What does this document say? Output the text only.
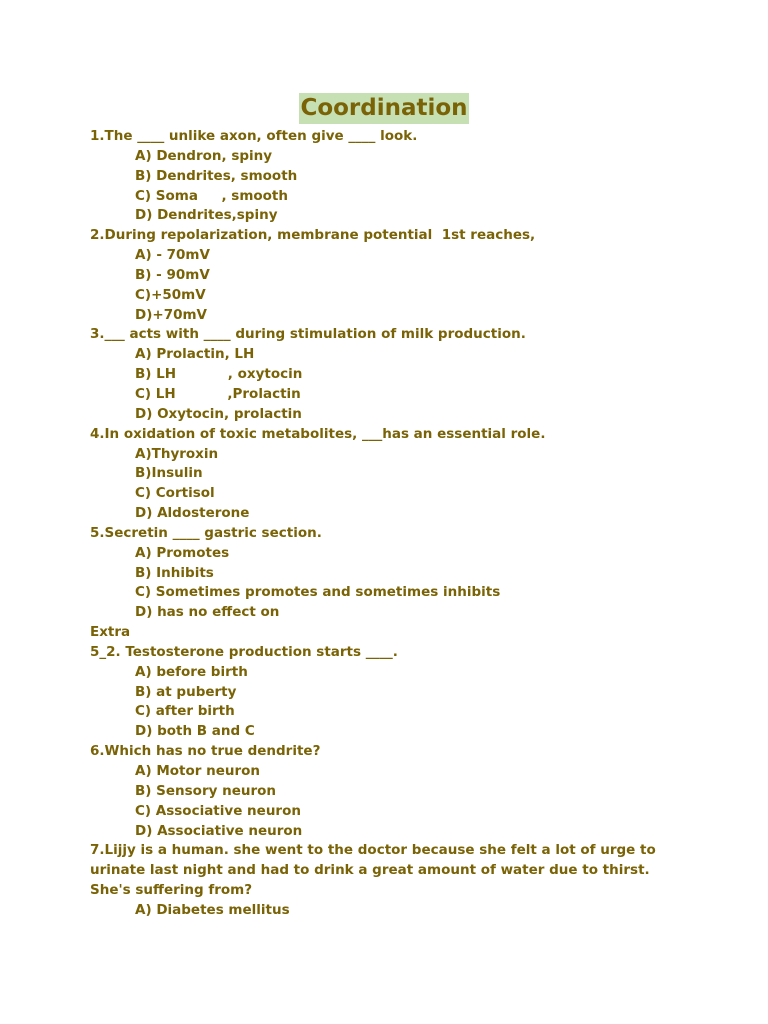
Coordination

1.The ____ unlike axon, often give ____ look.

A) Dendron, spiny

B) Dendrites, smooth

C) Soma     , smooth

D) Dendrites,spiny

2.During repolarization, membrane potential  1st reaches,

A) - 70mV

B) - 90mV

C)+50mV

D)+70mV

3.___ acts with ____ during stimulation of milk production.

A) Prolactin, LH

B) LH           , oxytocin

C) LH           ,Prolactin

D) Oxytocin, prolactin

4.In oxidation of toxic metabolites, ___has an essential role.

A)Thyroxin

B)Insulin

C) Cortisol

D) Aldosterone

5.Secretin ____ gastric section.

A) Promotes

B) Inhibits

C) Sometimes promotes and sometimes inhibits

D) has no effect on

Extra

5_2. Testosterone production starts ____.

A) before birth

B) at puberty

C) after birth

D) both B and C

6.Which has no true dendrite?

A) Motor neuron

B) Sensory neuron

C) Associative neuron

D) Associative neuron

7.Lijjy is a human. she went to the doctor because she felt a lot of urge to urinate last night and had to drink a great amount of water due to thirst. She's suffering from?

A) Diabetes mellitus
